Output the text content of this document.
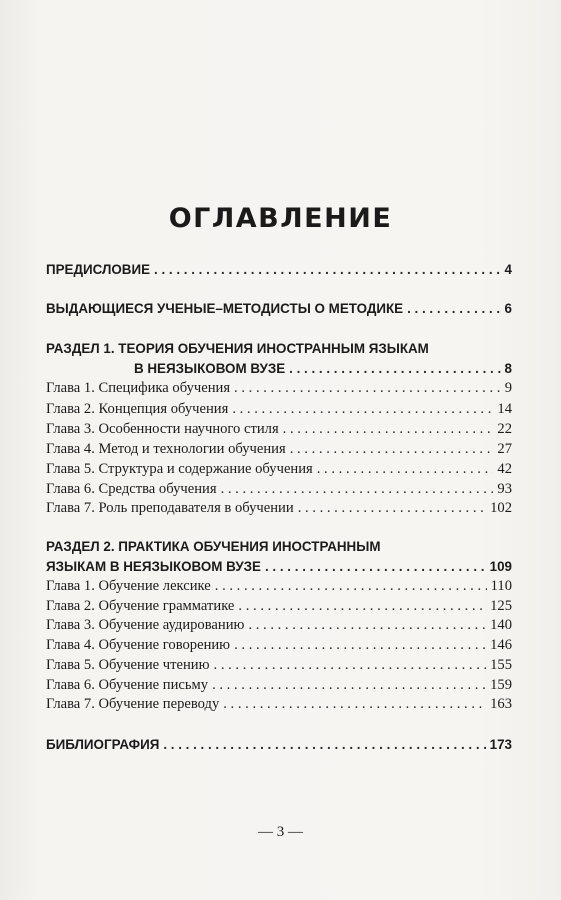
ОГЛАВЛЕНИЕ
ПРЕДИСЛОВИЕ . . .	4
ВЫДАЮЩИЕСЯ УЧЕНЫЕ–МЕТОДИСТЫ О МЕТОДИКЕ . . .	6
РАЗДЕЛ 1. ТЕОРИЯ ОБУЧЕНИЯ ИНОСТРАННЫМ ЯЗЫКАМ
В НЕЯЗЫКОВОМ ВУЗЕ . . .	8
Глава 1. Специфика обучения . . .	9
Глава 2. Концепция обучения . . .	14
Глава 3. Особенности научного стиля . . .	22
Глава 4. Метод и технологии обучения . . .	27
Глава 5. Структура и содержание обучения . . .	42
Глава 6. Средства обучения . . .	93
Глава 7. Роль преподавателя в обучении . . .	102
РАЗДЕЛ 2. ПРАКТИКА ОБУЧЕНИЯ ИНОСТРАННЫМ
ЯЗЫКАМ В НЕЯЗЫКОВОМ ВУЗЕ . . .	109
Глава 1. Обучение лексике . . .	110
Глава 2. Обучение грамматике . . .	125
Глава 3. Обучение аудированию . . .	140
Глава 4. Обучение говорению . . .	146
Глава 5. Обучение чтению . . .	155
Глава 6. Обучение письму . . .	159
Глава 7. Обучение переводу . . .	163
БИБЛИОГРАФИЯ . . .	173
— 3 —
